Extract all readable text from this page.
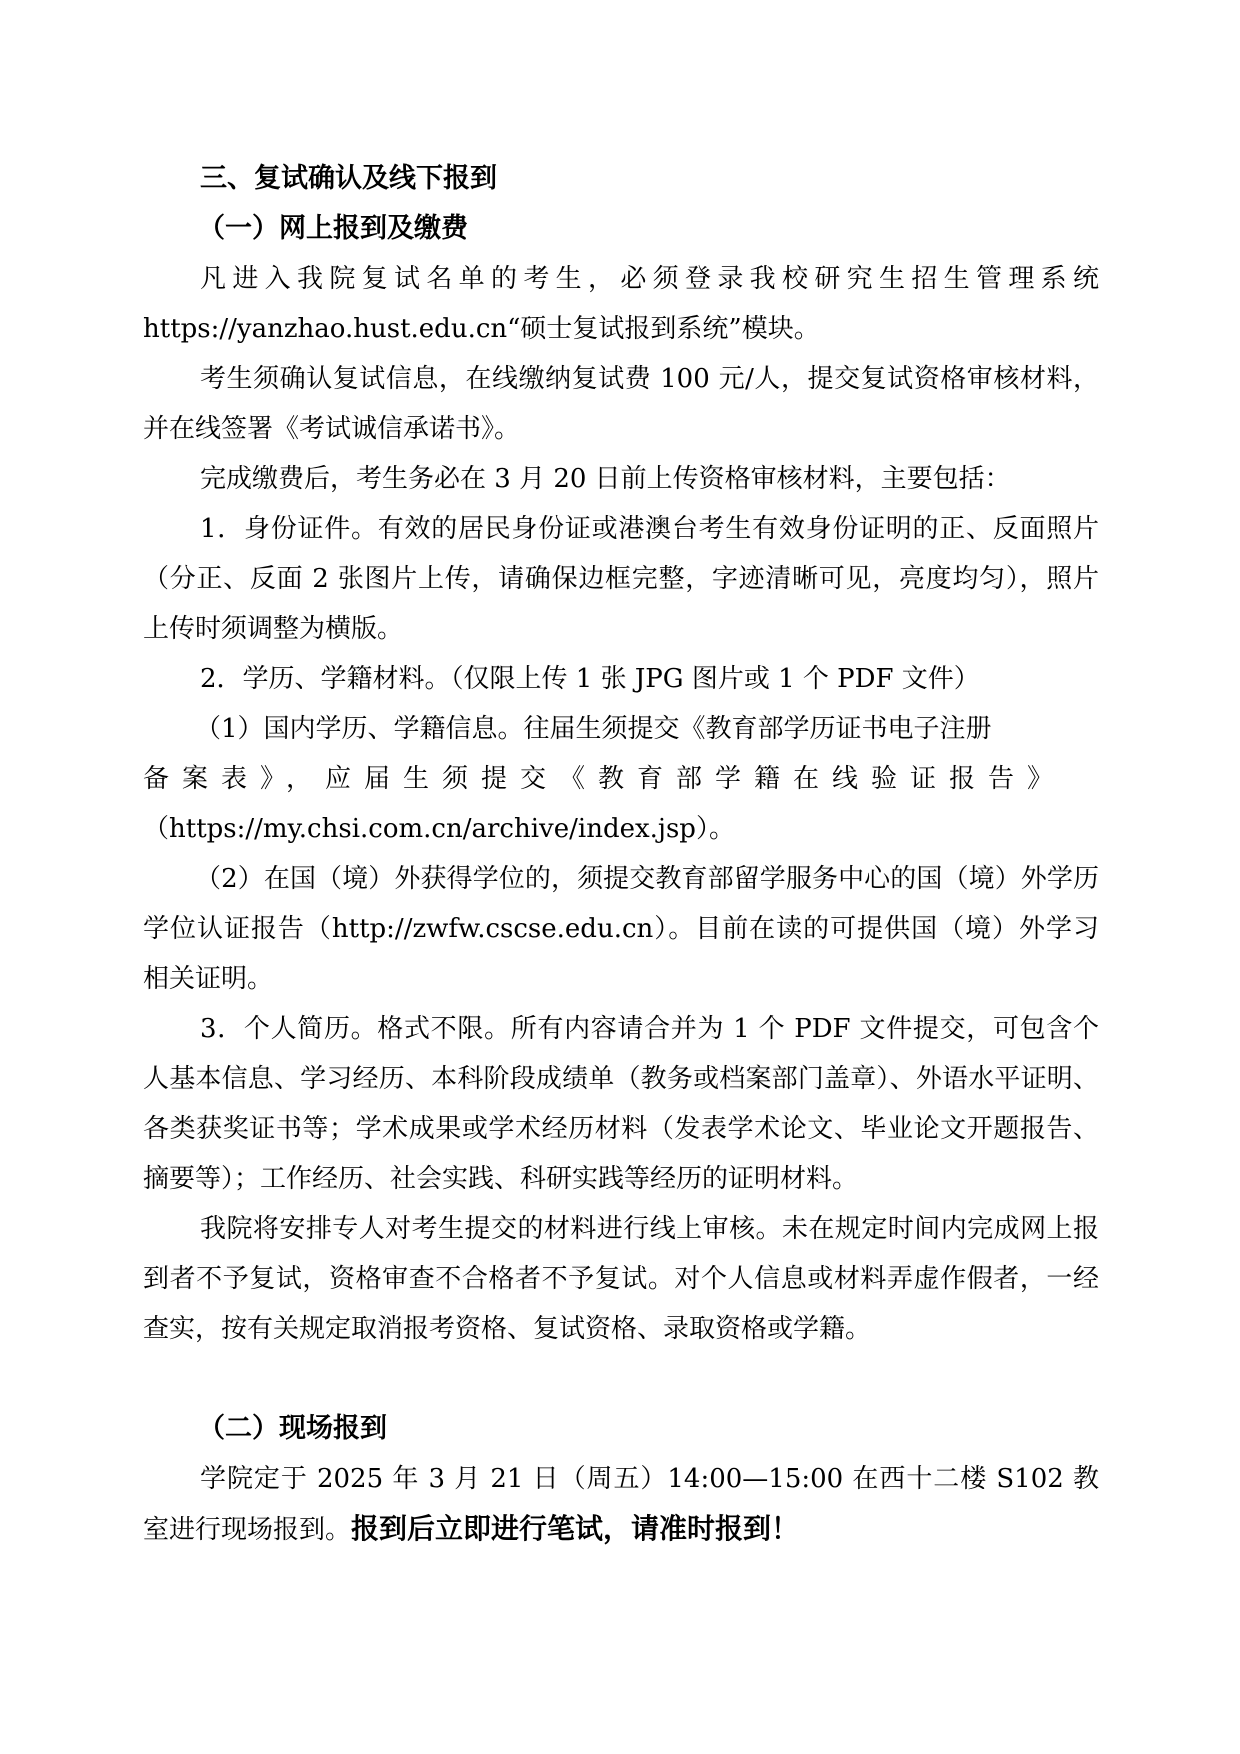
三、复试确认及线下报到
（一）网上报到及缴费

凡进入我院复试名单的考生，必须登录我校研究生招生管理系统https://yanzhao.hust.edu.cn“硕士复试报到系统”模块。

考生须确认复试信息，在线缴纳复试费 100 元/人，提交复试资格审核材料，并在线签署《考试诚信承诺书》。

完成缴费后，考生务必在 3 月 20 日前上传资格审核材料，主要包括：

1．身份证件。有效的居民身份证或港澳台考生有效身份证明的正、反面照片（分正、反面 2 张图片上传，请确保边框完整，字迹清晰可见，亮度均匀），照片上传时须调整为横版。

2．学历、学籍材料。（仅限上传 1 张 JPG 图片或 1 个 PDF 文件）

（1）国内学历、学籍信息。往届生须提交《教育部学历证书电子注册
备案表》，应届生须提交《教育部学籍在线验证报告》
（https://my.chsi.com.cn/archive/index.jsp）。

（2）在国（境）外获得学位的，须提交教育部留学服务中心的国（境）外学历学位认证报告（http://zwfw.cscse.edu.cn）。目前在读的可提供国（境）外学习相关证明。

3．个人简历。格式不限。所有内容请合并为 1 个 PDF 文件提交，可包含个人基本信息、学习经历、本科阶段成绩单（教务或档案部门盖章）、外语水平证明、各类获奖证书等；学术成果或学术经历材料（发表学术论文、毕业论文开题报告、摘要等）；工作经历、社会实践、科研实践等经历的证明材料。

我院将安排专人对考生提交的材料进行线上审核。未在规定时间内完成网上报到者不予复试，资格审查不合格者不予复试。对个人信息或材料弄虚作假者，一经查实，按有关规定取消报考资格、复试资格、录取资格或学籍。

（二）现场报到

学院定于 2025 年 3 月 21 日（周五）14:00—15:00 在西十二楼 S102 教室进行现场报到。报到后立即进行笔试，请准时报到！
